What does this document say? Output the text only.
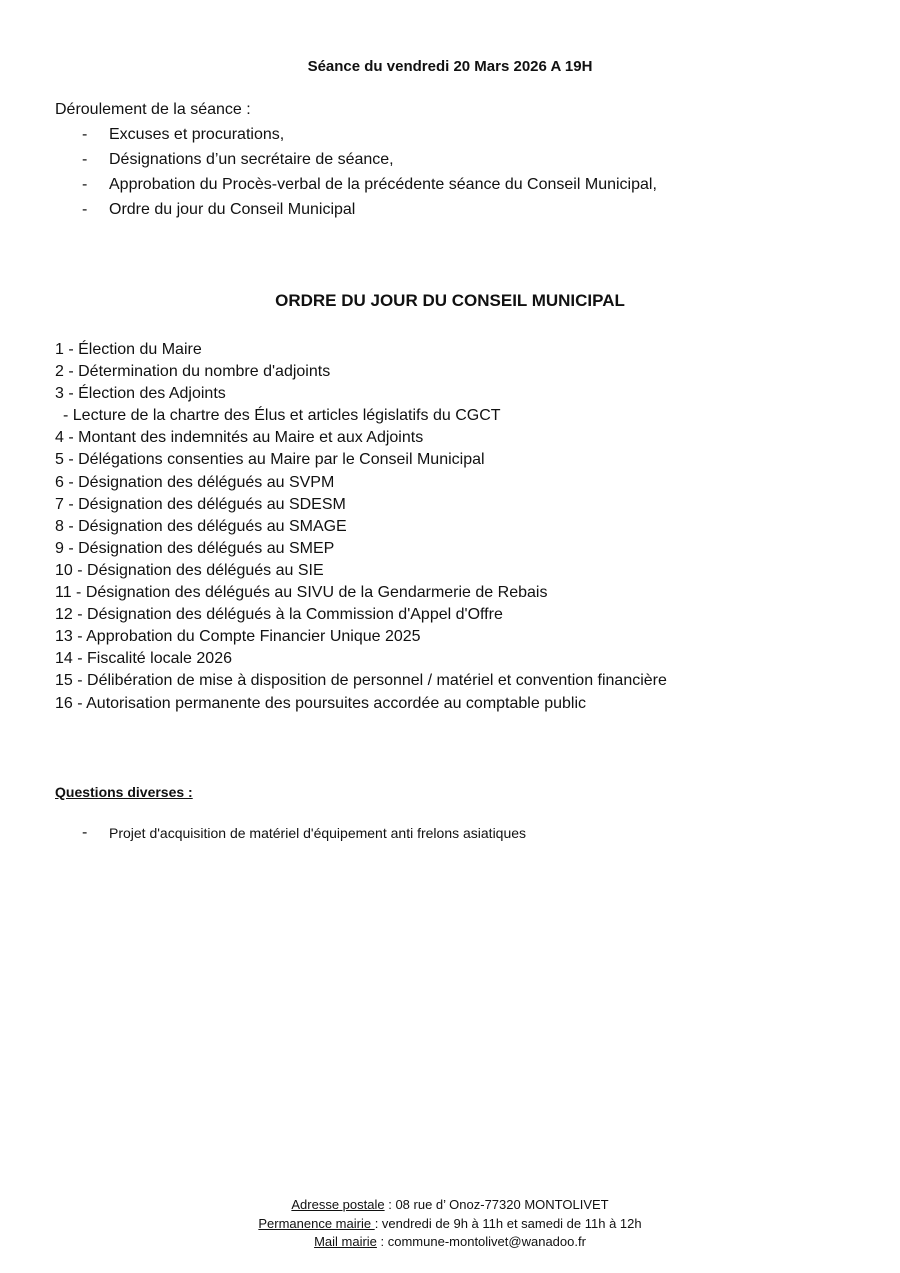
Séance du vendredi 20 Mars 2026 A 19H
Déroulement de la séance :
- Excuses et procurations,
- Désignations d’un secrétaire de séance,
- Approbation du Procès-verbal de la précédente séance du Conseil Municipal,
- Ordre du jour du Conseil Municipal
ORDRE DU JOUR DU CONSEIL MUNICIPAL
1 - Élection du Maire
2 - Détermination du nombre d'adjoints
3 - Élection des Adjoints
- Lecture de la chartre des Élus et articles législatifs du CGCT
4 - Montant des indemnités au Maire et aux Adjoints
5 - Délégations consenties au Maire par le Conseil Municipal
6 - Désignation des délégués au SVPM
7 - Désignation des délégués au SDESM
8 - Désignation des délégués au SMAGE
9 - Désignation des délégués au SMEP
10 - Désignation des délégués au SIE
11 - Désignation des délégués au SIVU de la Gendarmerie de Rebais
12 - Désignation des délégués à la Commission d'Appel d'Offre
13 - Approbation du Compte Financier Unique 2025
14 - Fiscalité locale 2026
15 - Délibération de mise à disposition de personnel / matériel et convention financière
16 - Autorisation permanente des poursuites accordée au comptable public
Questions diverses :
- Projet d'acquisition de matériel d'équipement anti frelons asiatiques
Adresse postale : 08 rue d’ Onoz-77320 MONTOLIVET
Permanence mairie : vendredi de 9h à 11h et samedi de 11h à 12h
Mail mairie : commune-montolivet@wanadoo.fr
